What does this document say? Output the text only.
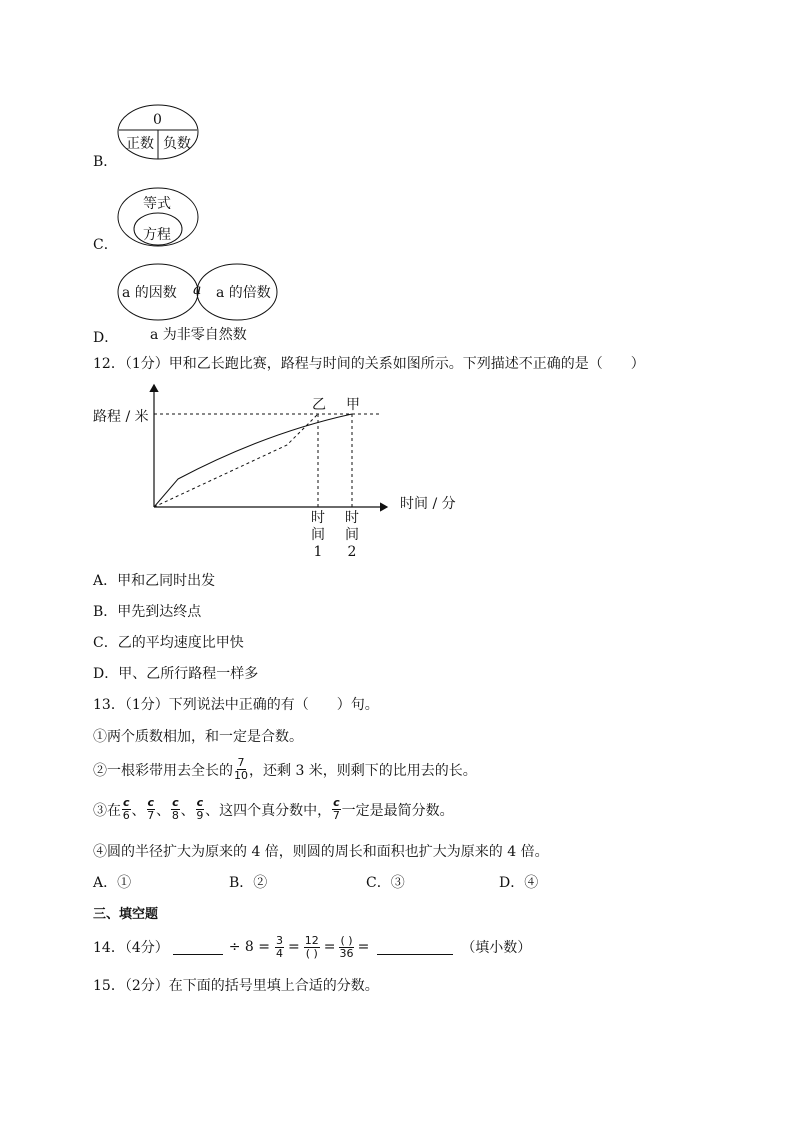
B．
0
正数 负数
C．
等式
方程
D．
a 的因数 a a 的倍数
a 为非零自然数
12．（1分）甲和乙长跑比赛，路程与时间的关系如图所示。下列描述不正确的是（　　）
路程 / 米
时间 / 分
乙 甲
时
间
1
时
间
2
A．甲和乙同时出发
B．甲先到达终点
C．乙的平均速度比甲快
D．甲、乙所行路程一样多
13．（1分）下列说法中正确的有（　　）句。
①两个质数相加，和一定是合数。
②一根彩带用去全长的 $\frac{7}{10}$ ，还剩 3 米，则剩下的比用去的长。
③在 $\frac{c}{6}$ 、 $\frac{c}{7}$ 、 $\frac{c}{8}$ 、 $\frac{c}{9}$ 、 这四个真分数中， $\frac{c}{7}$ 一定是最简分数。
④圆的半径扩大为原来的 4 倍，则圆的周长和面积也扩大为原来的 4 倍。
A．①	B．②	C．③	D．④
三、填空题
14．（4分）	÷ $8 = \frac{3}{4} = \frac{12}{( )} = \frac{( )}{36}$ =	（填小数）
15．（2分）在下面的括号里填上合适的分数。
